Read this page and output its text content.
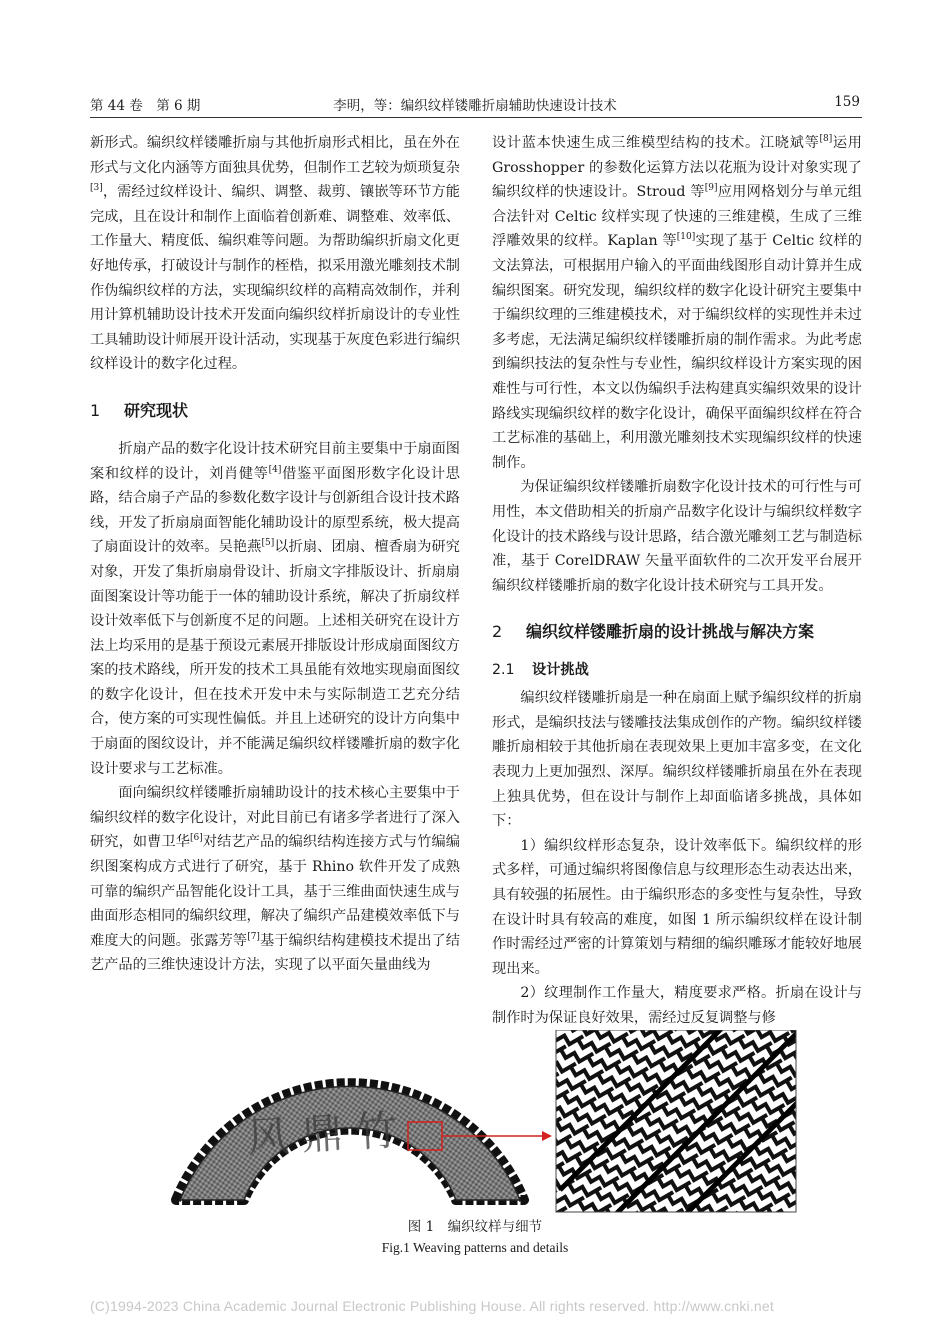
第 44 卷　第 6 期	李明，等：编织纹样镂雕折扇辅助快速设计技术	159

新形式。编织纹样镂雕折扇与其他折扇形式相比，虽在外在形式与文化内涵等方面独具优势，但制作工艺较为烦琐复杂[3]，需经过纹样设计、编织、调整、裁剪、镶嵌等环节方能完成，且在设计和制作上面临着创新难、调整难、效率低、工作量大、精度低、编织难等问题。为帮助编织折扇文化更好地传承，打破设计与制作的桎梏，拟采用激光雕刻技术制作伪编织纹样的方法，实现编织纹样的高精高效制作，并利用计算机辅助设计技术开发面向编织纹样折扇设计的专业性工具辅助设计师展开设计活动，实现基于灰度色彩进行编织纹样设计的数字化过程。

1 研究现状

折扇产品的数字化设计技术研究目前主要集中于扇面图案和纹样的设计，刘肖健等[4]借鉴平面图形数字化设计思路，结合扇子产品的参数化数字设计与创新组合设计技术路线，开发了折扇扇面智能化辅助设计的原型系统，极大提高了扇面设计的效率。吴艳燕[5]以折扇、团扇、檀香扇为研究对象，开发了集折扇扇骨设计、折扇文字排版设计、折扇扇面图案设计等功能于一体的辅助设计系统，解决了折扇纹样设计效率低下与创新度不足的问题。上述相关研究在设计方法上均采用的是基于预设元素展开排版设计形成扇面图纹方案的技术路线，所开发的技术工具虽能有效地实现扇面图纹的数字化设计，但在技术开发中未与实际制造工艺充分结合，使方案的可实现性偏低。并且上述研究的设计方向集中于扇面的图纹设计，并不能满足编织纹样镂雕折扇的数字化设计要求与工艺标准。

面向编织纹样镂雕折扇辅助设计的技术核心主要集中于编织纹样的数字化设计，对此目前已有诸多学者进行了深入研究，如曹卫华[6]对结艺产品的编织结构连接方式与竹编编织图案构成方式进行了研究，基于 Rhino 软件开发了成熟可靠的编织产品智能化设计工具，基于三维曲面快速生成与曲面形态相同的编织纹理，解决了编织产品建模效率低下与难度大的问题。张露芳等[7]基于编织结构建模技术提出了结艺产品的三维快速设计方法，实现了以平面矢量曲线为

设计蓝本快速生成三维模型结构的技术。江晓斌等[8]运用 Grosshopper 的参数化运算方法以花瓶为设计对象实现了编织纹样的快速设计。Stroud 等[9]应用网格划分与单元组合法针对 Celtic 纹样实现了快速的三维建模，生成了三维浮雕效果的纹样。Kaplan 等[10]实现了基于 Celtic 纹样的文法算法，可根据用户输入的平面曲线图形自动计算并生成编织图案。研究发现，编织纹样的数字化设计研究主要集中于编织纹理的三维建模技术，对于编织纹样的实现性并未过多考虑，无法满足编织纹样镂雕折扇的制作需求。为此考虑到编织技法的复杂性与专业性，编织纹样设计方案实现的困难性与可行性，本文以伪编织手法构建真实编织效果的设计路线实现编织纹样的数字化设计，确保平面编织纹样在符合工艺标准的基础上，利用激光雕刻技术实现编织纹样的快速制作。

为保证编织纹样镂雕折扇数字化设计技术的可行性与可用性，本文借助相关的折扇产品数字化设计与编织纹样数字化设计的技术路线与设计思路，结合激光雕刻工艺与制造标准，基于 CorelDRAW 矢量平面软件的二次开发平台展开编织纹样镂雕折扇的数字化设计技术研究与工具开发。

2 编织纹样镂雕折扇的设计挑战与解决方案
2.1 设计挑战

编织纹样镂雕折扇是一种在扇面上赋予编织纹样的折扇形式，是编织技法与镂雕技法集成创作的产物。编织纹样镂雕折扇相较于其他折扇在表现效果上更加丰富多变，在文化表现力上更加强烈、深厚。编织纹样镂雕折扇虽在外在表现上独具优势，但在设计与制作上却面临诸多挑战，具体如下：

1）编织纹样形态复杂，设计效率低下。编织纹样的形式多样，可通过编织将图像信息与纹理形态生动表达出来，具有较强的拓展性。由于编织形态的多变性与复杂性，导致在设计时具有较高的难度，如图 1 所示编织纹样在设计制作时需经过严密的计算策划与精细的编织雕琢才能较好地展现出来。

2）纹理制作工作量大，精度要求严格。折扇在设计与制作时为保证良好效果，需经过反复调整与修

风鼎竹
图 1　编织纹样与细节
Fig.1 Weaving patterns and details
(C)1994-2023 China Academic Journal Electronic Publishing House. All rights reserved. http://www.cnki.net
